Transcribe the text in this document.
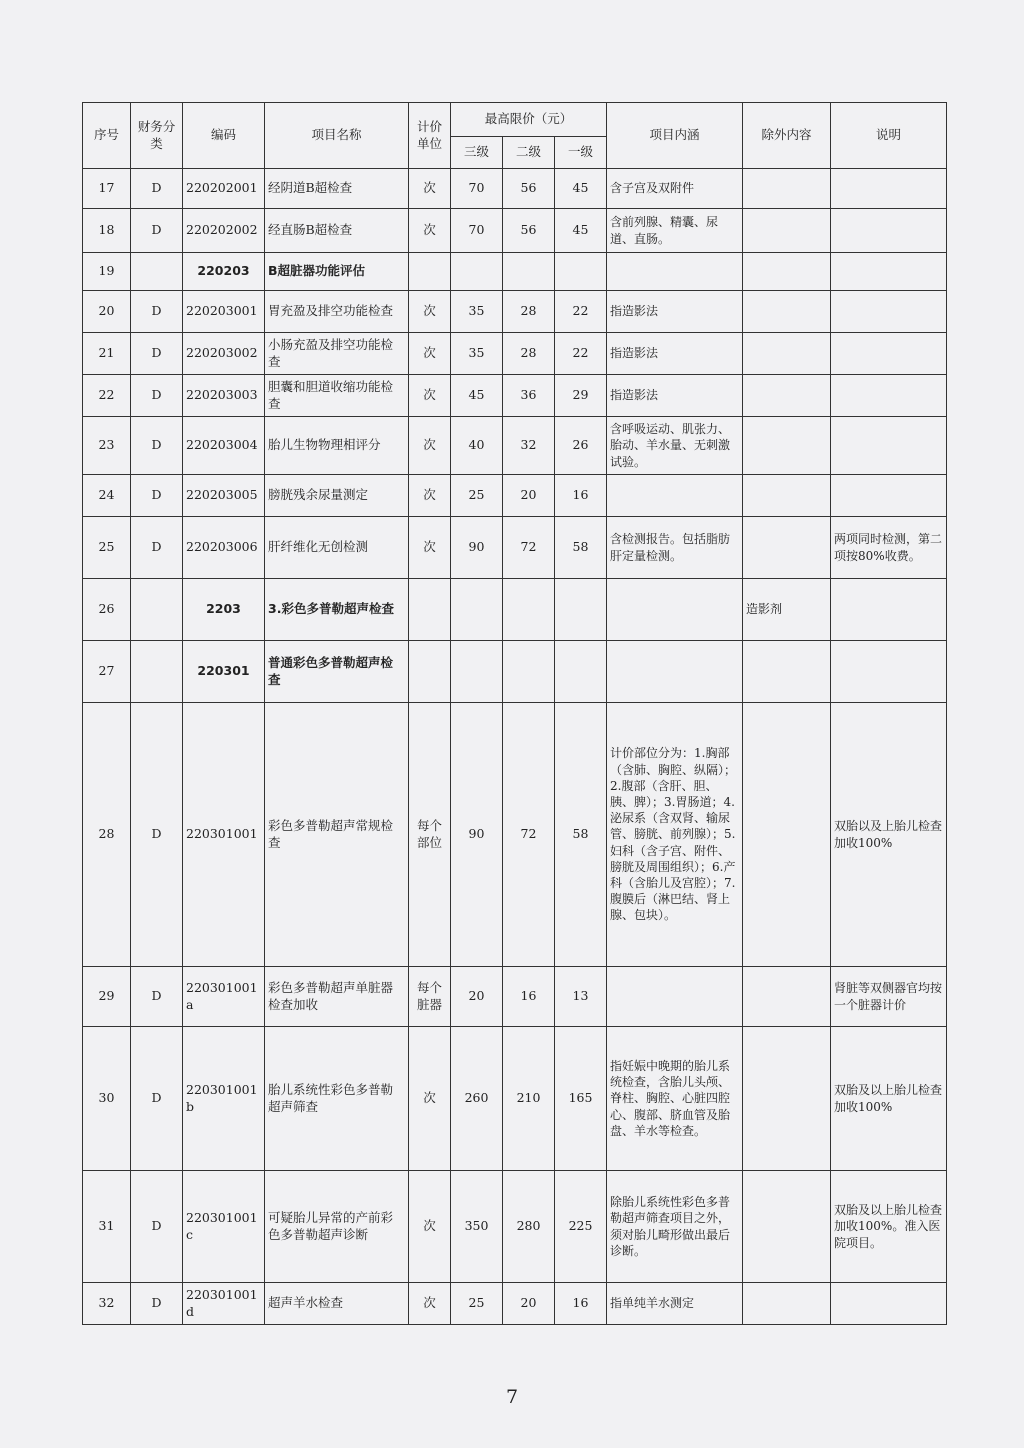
序号	财务分类	编码	项目名称	计价单位	最高限价（元）			项目内涵	除外内容	说明
					三级	二级	一级			
17	D	220202001	经阴道B超检查	次	70	56	45	含子宫及双附件		
18	D	220202002	经直肠B超检查	次	70	56	45	含前列腺、精囊、尿道、直肠。		
19		220203	B超脏器功能评估							
20	D	220203001	胃充盈及排空功能检查	次	35	28	22	指造影法		
21	D	220203002	小肠充盈及排空功能检查	次	35	28	22	指造影法		
22	D	220203003	胆囊和胆道收缩功能检查	次	45	36	29	指造影法		
23	D	220203004	胎儿生物物理相评分	次	40	32	26	含呼吸运动、肌张力、胎动、羊水量、无刺激试验。		
24	D	220203005	膀胱残余尿量测定	次	25	20	16			
25	D	220203006	肝纤维化无创检测	次	90	72	58	含检测报告。包括脂肪肝定量检测。		两项同时检测，第二项按80%收费。
26		2203	3.彩色多普勒超声检查						造影剂	
27		220301	普通彩色多普勒超声检查							
28	D	220301001	彩色多普勒超声常规检查	每个部位	90	72	58	计价部位分为：1.胸部（含肺、胸腔、纵隔）；2.腹部（含肝、胆、胰、脾）；3.胃肠道；4.泌尿系（含双肾、输尿管、膀胱、前列腺）；5.妇科（含子宫、附件、膀胱及周围组织）；6.产科（含胎儿及宫腔）；7.腹膜后（淋巴结、肾上腺、包块）。		双胎以及上胎儿检查加收100%
29	D	220301001a	彩色多普勒超声单脏器检查加收	每个脏器	20	16	13			肾脏等双侧器官均按一个脏器计价
30	D	220301001b	胎儿系统性彩色多普勒超声筛查	次	260	210	165	指妊娠中晚期的胎儿系统检查，含胎儿头颅、脊柱、胸腔、心脏四腔心、腹部、脐血管及胎盘、羊水等检查。		双胎及以上胎儿检查加收100%
31	D	220301001c	可疑胎儿异常的产前彩色多普勒超声诊断	次	350	280	225	除胎儿系统性彩色多普勒超声筛查项目之外，须对胎儿畸形做出最后诊断。		双胎及以上胎儿检查加收100%。准入医院项目。
32	D	220301001d	超声羊水检查	次	25	20	16	指单纯羊水测定		
7
